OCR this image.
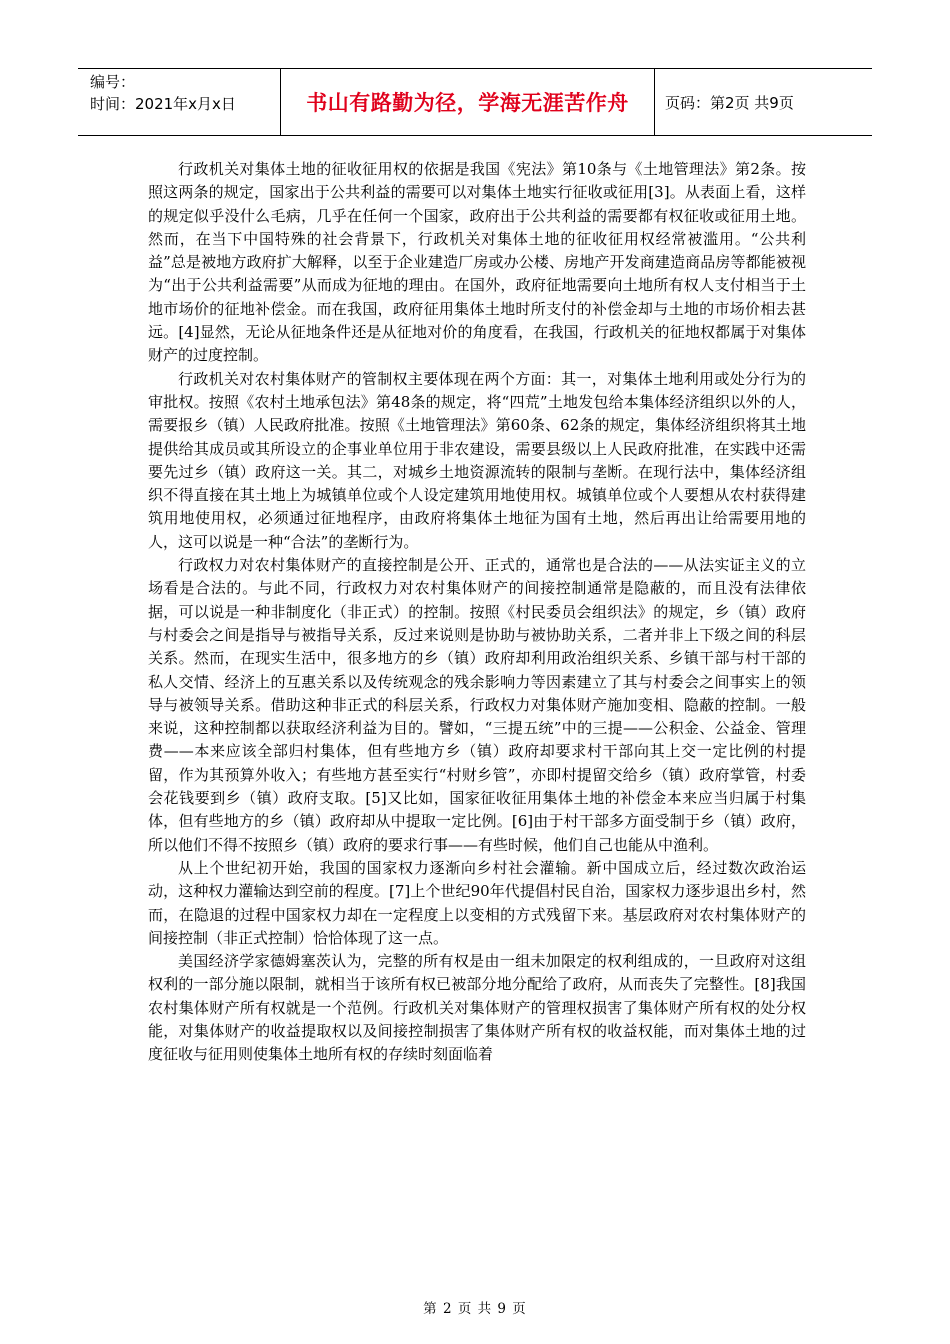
编号：
时间：2021年x月x日	书山有路勤为径，学海无涯苦作舟	页码：第2页 共9页

行政机关对集体土地的征收征用权的依据是我国《宪法》第10条与《土地管理法》第2条。按照这两条的规定，国家出于公共利益的需要可以对集体土地实行征收或征用[3]。从表面上看，这样的规定似乎没什么毛病，几乎在任何一个国家，政府出于公共利益的需要都有权征收或征用土地。然而，在当下中国特殊的社会背景下，行政机关对集体土地的征收征用权经常被滥用。“公共利益”总是被地方政府扩大解释，以至于企业建造厂房或办公楼、房地产开发商建造商品房等都能被视为“出于公共利益需要”从而成为征地的理由。在国外，政府征地需要向土地所有权人支付相当于土地市场价的征地补偿金。而在我国，政府征用集体土地时所支付的补偿金却与土地的市场价相去甚远。[4]显然，无论从征地条件还是从征地对价的角度看，在我国，行政机关的征地权都属于对集体财产的过度控制。

行政机关对农村集体财产的管制权主要体现在两个方面：其一，对集体土地利用或处分行为的审批权。按照《农村土地承包法》第48条的规定，将“四荒”土地发包给本集体经济组织以外的人，需要报乡（镇）人民政府批准。按照《土地管理法》第60条、62条的规定，集体经济组织将其土地提供给其成员或其所设立的企事业单位用于非农建设，需要县级以上人民政府批准，在实践中还需要先过乡（镇）政府这一关。其二，对城乡土地资源流转的限制与垄断。在现行法中，集体经济组织不得直接在其土地上为城镇单位或个人设定建筑用地使用权。城镇单位或个人要想从农村获得建筑用地使用权，必须通过征地程序，由政府将集体土地征为国有土地，然后再出让给需要用地的人，这可以说是一种“合法”的垄断行为。

行政权力对农村集体财产的直接控制是公开、正式的，通常也是合法的——从法实证主义的立场看是合法的。与此不同，行政权力对农村集体财产的间接控制通常是隐蔽的，而且没有法律依据，可以说是一种非制度化（非正式）的控制。按照《村民委员会组织法》的规定，乡（镇）政府与村委会之间是指导与被指导关系，反过来说则是协助与被协助关系，二者并非上下级之间的科层关系。然而，在现实生活中，很多地方的乡（镇）政府却利用政治组织关系、乡镇干部与村干部的私人交情、经济上的互惠关系以及传统观念的残余影响力等因素建立了其与村委会之间事实上的领导与被领导关系。借助这种非正式的科层关系，行政权力对集体财产施加变相、隐蔽的控制。一般来说，这种控制都以获取经济利益为目的。譬如，“三提五统”中的三提——公积金、公益金、管理费——本来应该全部归村集体，但有些地方乡（镇）政府却要求村干部向其上交一定比例的村提留，作为其预算外收入；有些地方甚至实行“村财乡管”，亦即村提留交给乡（镇）政府掌管，村委会花钱要到乡（镇）政府支取。[5]又比如，国家征收征用集体土地的补偿金本来应当归属于村集体，但有些地方的乡（镇）政府却从中提取一定比例。[6]由于村干部多方面受制于乡（镇）政府，所以他们不得不按照乡（镇）政府的要求行事——有些时候，他们自己也能从中渔利。

从上个世纪初开始，我国的国家权力逐渐向乡村社会灌输。新中国成立后，经过数次政治运动，这种权力灌输达到空前的程度。[7]上个世纪90年代提倡村民自治，国家权力逐步退出乡村，然而，在隐退的过程中国家权力却在一定程度上以变相的方式残留下来。基层政府对农村集体财产的间接控制（非正式控制）恰恰体现了这一点。

美国经济学家德姆塞茨认为，完整的所有权是由一组未加限定的权利组成的，一旦政府对这组权利的一部分施以限制，就相当于该所有权已被部分地分配给了政府，从而丧失了完整性。[8]我国农村集体财产所有权就是一个范例。行政机关对集体财产的管理权损害了集体财产所有权的处分权能，对集体财产的收益提取权以及间接控制损害了集体财产所有权的收益权能，而对集体土地的过度征收与征用则使集体土地所有权的存续时刻面临着

第 2 页 共 9 页
